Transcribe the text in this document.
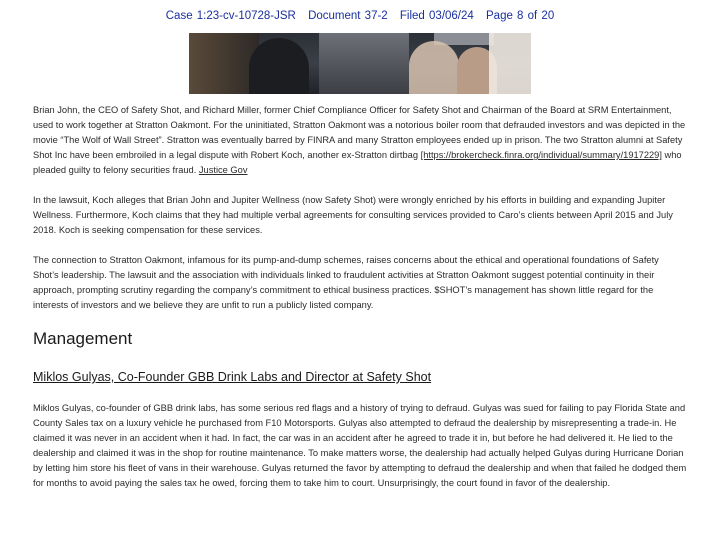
Case 1:23-cv-10728-JSR Document 37-2 Filed 03/06/24 Page 8 of 20

Brian John, the CEO of Safety Shot, and Richard Miller, former Chief Compliance Officer for Safety Shot and Chairman of the Board at SRM Entertainment, used to work together at Stratton Oakmont. For the uninitiated, Stratton Oakmont was a notorious boiler room that defrauded investors and was depicted in the movie “The Wolf of Wall Street”. Stratton was eventually barred by FINRA and many Stratton employees ended up in prison. The two Stratton alumni at Safety Shot Inc have been embroiled in a legal dispute with Robert Koch, another ex-Stratton dirtbag [https://brokercheck.finra.org/individual/summary/1917229] who pleaded guilty to felony securities fraud. Justice Gov

In the lawsuit, Koch alleges that Brian John and Jupiter Wellness (now Safety Shot) were wrongly enriched by his efforts in building and expanding Jupiter Wellness. Furthermore, Koch claims that they had multiple verbal agreements for consulting services provided to Caro’s clients between April 2015 and July 2018. Koch is seeking compensation for these services.

The connection to Stratton Oakmont, infamous for its pump-and-dump schemes, raises concerns about the ethical and operational foundations of Safety Shot’s leadership. The lawsuit and the association with individuals linked to fraudulent activities at Stratton Oakmont suggest potential continuity in their approach, prompting scrutiny regarding the company’s commitment to ethical business practices. $SHOT’s management has shown little regard for the interests of investors and we believe they are unfit to run a publicly listed company.

Management
Miklos Gulyas, Co-Founder GBB Drink Labs and Director at Safety Shot

Miklos Gulyas, co-founder of GBB drink labs, has some serious red flags and a history of trying to defraud. Gulyas was sued for failing to pay Florida State and County Sales tax on a luxury vehicle he purchased from F10 Motorsports. Gulyas also attempted to defraud the dealership by misrepresenting a trade-in. He claimed it was never in an accident when it had. In fact, the car was in an accident after he agreed to trade it in, but before he had delivered it. He lied to the dealership and claimed it was in the shop for routine maintenance. To make matters worse, the dealership had actually helped Gulyas during Hurricane Dorian by letting him store his fleet of vans in their warehouse. Gulyas returned the favor by attempting to defraud the dealership and when that failed he dodged them for months to avoid paying the sales tax he owed, forcing them to take him to court. Unsurprisingly, the court found in favor of the dealership.
